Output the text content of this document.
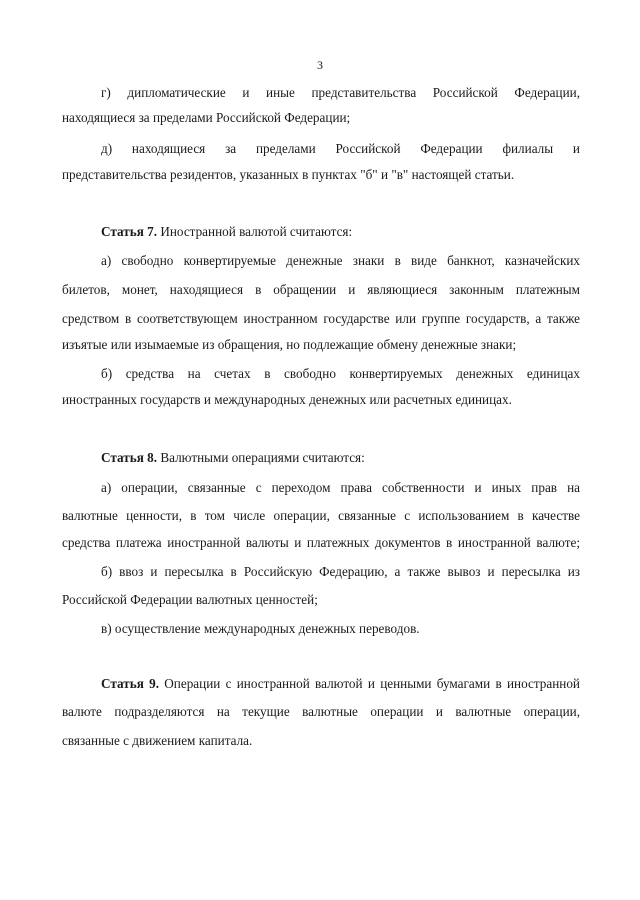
3
г) дипломатические и иные представительства Российской Федерации,
находящиеся за пределами Российской Федерации;
д) находящиеся за пределами Российской Федерации филиалы и
представительства резидентов, указанных в пунктах "б" и "в" настоящей статьи.
Статья 7. Иностранной валютой считаются:
а) свободно конвертируемые денежные знаки в виде банкнот, казначейских
билетов, монет, находящиеся в обращении и являющиеся законным платежным
средством в соответствующем иностранном государстве или группе государств, а также
изъятые или изымаемые из обращения, но подлежащие обмену денежные знаки;
б) средства на счетах в свободно конвертируемых денежных единицах
иностранных государств и международных денежных или расчетных единицах.
Статья 8. Валютными операциями считаются:
а) операции, связанные с переходом права собственности и иных прав на
валютные ценности, в том числе операции, связанные с использованием в качестве
средства платежа иностранной валюты и платежных документов в иностранной валюте;
б) ввоз и пересылка в Российскую Федерацию, а также вывоз и пересылка из
Российской Федерации валютных ценностей;
в) осуществление международных денежных переводов.
Статья 9. Операции с иностранной валютой и ценными бумагами в иностранной
валюте подразделяются на текущие валютные операции и валютные операции,
связанные с движением капитала.
